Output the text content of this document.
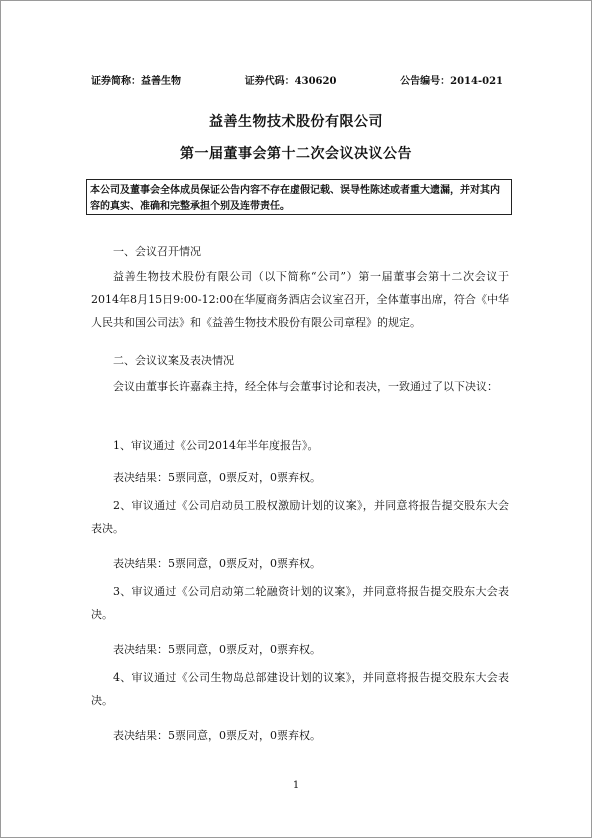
证券简称：益善生物	证券代码：430620	公告编号：2014-021
益善生物技术股份有限公司
第一届董事会第十二次会议决议公告
本公司及董事会全体成员保证公告内容不存在虚假记载、误导性陈述或者重大遗漏，并对其内容的真实、准确和完整承担个别及连带责任。
一、会议召开情况
益善生物技术股份有限公司（以下简称“公司”）第一届董事会第十二次会议于2014年8月15日9:00-12:00在华厦商务酒店会议室召开，全体董事出席，符合《中华人民共和国公司法》和《益善生物技术股份有限公司章程》的规定。
二、会议议案及表决情况
会议由董事长许嘉森主持，经全体与会董事讨论和表决，一致通过了以下决议：
1、审议通过《公司2014年半年度报告》。
表决结果：5票同意，0票反对，0票弃权。
2、审议通过《公司启动员工股权激励计划的议案》，并同意将报告提交股东大会表决。
表决结果：5票同意，0票反对，0票弃权。
3、审议通过《公司启动第二轮融资计划的议案》，并同意将报告提交股东大会表决。
表决结果：5票同意，0票反对，0票弃权。
4、审议通过《公司生物岛总部建设计划的议案》，并同意将报告提交股东大会表决。
表决结果：5票同意，0票反对，0票弃权。
1
